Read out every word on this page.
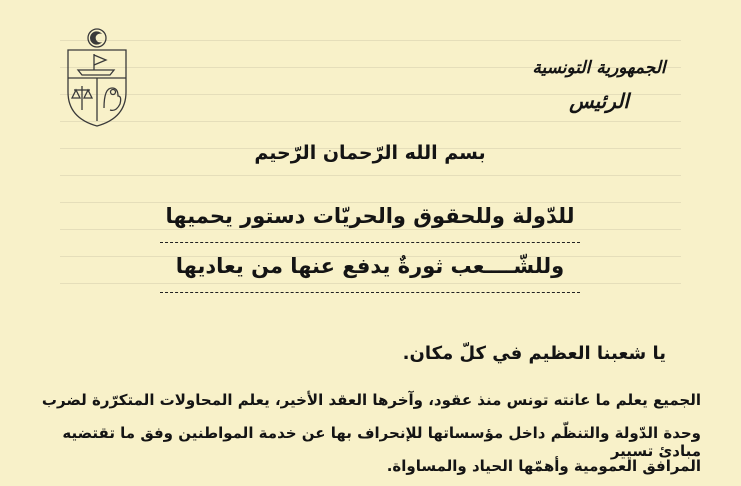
الجمهورية التونسية
الرئيس
بسم الله الرّحمان الرّحيم
للدّولة وللحقوق والحريّات دستور يحميها
وللشّــــعب ثورةٌ يدفع عنها من يعاديها
يا شعبنا العظيم في كلّ مكان.
الجميع يعلم ما عانته تونس منذ عقود، وآخرها العقد الأخير، يعلم المحاولات المتكرّرة لضرب
وحدة الدّولة والتنظّم داخل مؤسساتها للإنحراف بها عن خدمة المواطنين وفق ما تقتضيه مبادئ تسيير
المرافق العمومية وأهمّها الحياد والمساواة.
